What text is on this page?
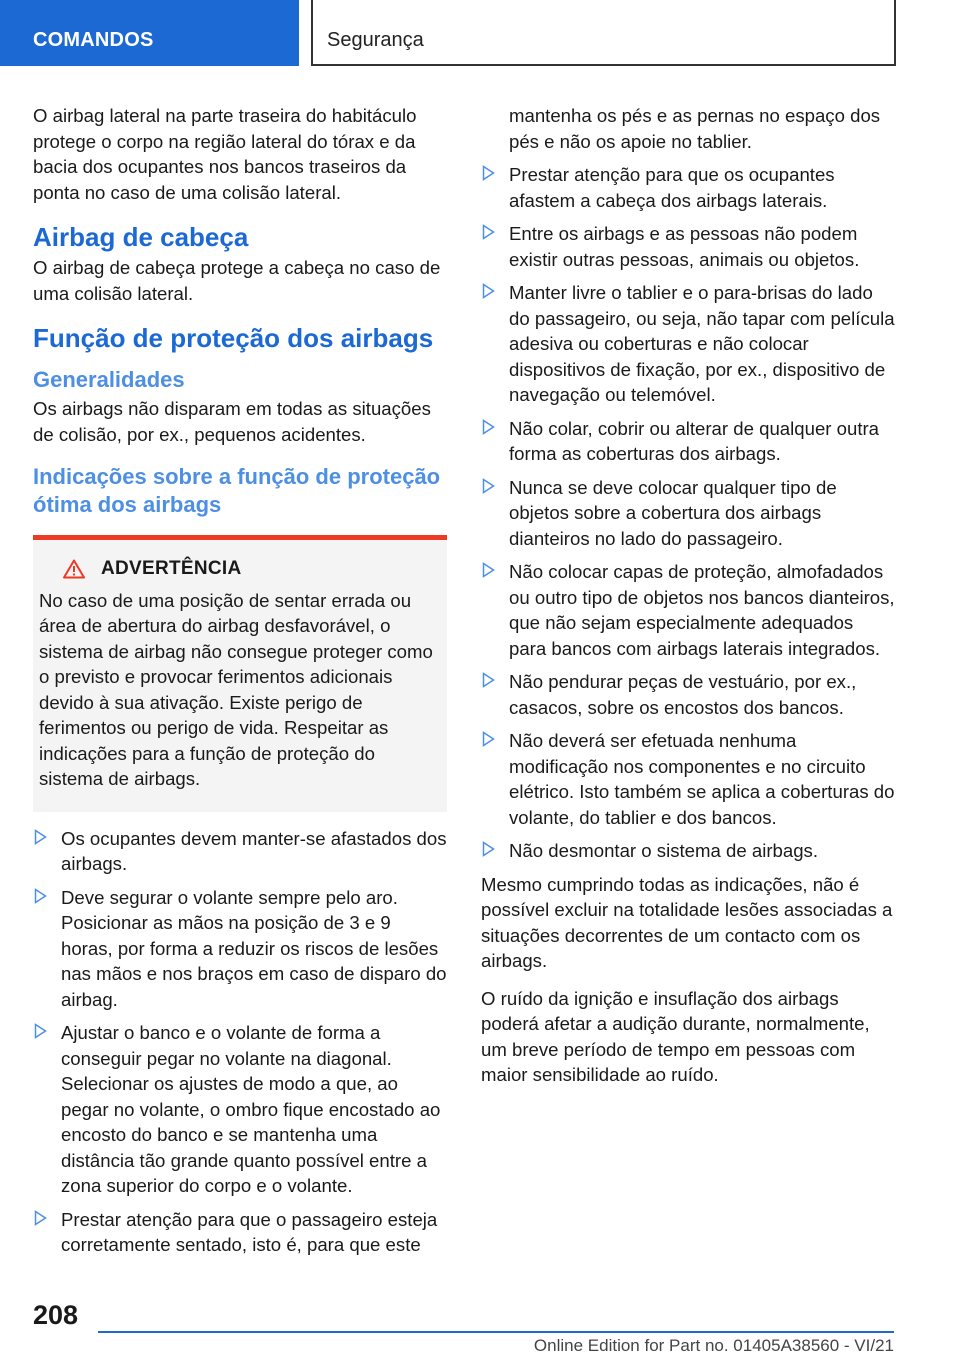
COMANDOS	Segurança

O airbag lateral na parte traseira do habitáculo protege o corpo na região lateral do tórax e da bacia dos ocupantes nos bancos traseiros da ponta no caso de uma colisão lateral.

Airbag de cabeça

O airbag de cabeça protege a cabeça no caso de uma colisão lateral.

Função de proteção dos airbags
Generalidades

Os airbags não disparam em todas as situações de colisão, por ex., pequenos acidentes.

Indicações sobre a função de proteção ótima dos airbags
ADVERTÊNCIA
No caso de uma posição de sentar errada ou área de abertura do airbag desfavorável, o sistema de airbag não consegue proteger como o previsto e provocar ferimentos adicionais devido à sua ativação. Existe perigo de ferimentos ou perigo de vida. Respeitar as indicações para a função de proteção do sistema de airbags.
Os ocupantes devem manter-se afastados dos airbags.
Deve segurar o volante sempre pelo aro. Posicionar as mãos na posição de 3 e 9 horas, por forma a reduzir os riscos de lesões nas mãos e nos braços em caso de disparo do airbag.
Ajustar o banco e o volante de forma a conseguir pegar no volante na diagonal. Selecionar os ajustes de modo a que, ao pegar no volante, o ombro fique encostado ao encosto do banco e se mantenha uma distância tão grande quanto possível entre a zona superior do corpo e o volante.
Prestar atenção para que o passageiro esteja corretamente sentado, isto é, para que este
mantenha os pés e as pernas no espaço dos pés e não os apoie no tablier.
Prestar atenção para que os ocupantes afastem a cabeça dos airbags laterais.
Entre os airbags e as pessoas não podem existir outras pessoas, animais ou objetos.
Manter livre o tablier e o para-brisas do lado do passageiro, ou seja, não tapar com película adesiva ou coberturas e não colocar dispositivos de fixação, por ex., dispositivo de navegação ou telemóvel.
Não colar, cobrir ou alterar de qualquer outra forma as coberturas dos airbags.
Nunca se deve colocar qualquer tipo de objetos sobre a cobertura dos airbags dianteiros no lado do passageiro.
Não colocar capas de proteção, almofadados ou outro tipo de objetos nos bancos dianteiros, que não sejam especialmente adequados para bancos com airbags laterais integrados.
Não pendurar peças de vestuário, por ex., casacos, sobre os encostos dos bancos.
Não deverá ser efetuada nenhuma modificação nos componentes e no circuito elétrico. Isto também se aplica a coberturas do volante, do tablier e dos bancos.
Não desmontar o sistema de airbags.

Mesmo cumprindo todas as indicações, não é possível excluir na totalidade lesões associadas a situações decorrentes de um contacto com os airbags.

O ruído da ignição e insuflação dos airbags poderá afetar a audição durante, normalmente, um breve período de tempo em pessoas com maior sensibilidade ao ruído.

208
Online Edition for Part no. 01405A38560 - VI/21
